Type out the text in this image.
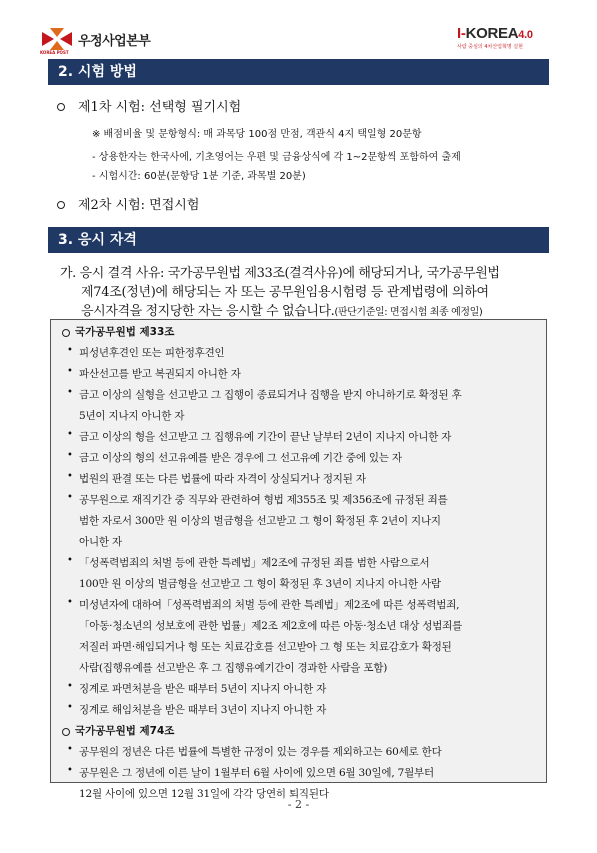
우정사업본부
KOREA POST
I-KOREA4.0
사람 중심의 4차산업혁명 실현
2. 시험 방법
제1차 시험: 선택형 필기시험
※ 배점비율 및 문항형식: 매 과목당 100점 만점, 객관식 4지 택일형 20문항
- 상용한자는 한국사에, 기초영어는 우편 및 금융상식에 각 1~2문항씩 포함하여 출제
- 시험시간: 60분(문항당 1분 기준, 과목별 20분)
제2차 시험: 면접시험
3. 응시 자격
가. 응시 결격 사유: 국가공무원법 제33조(결격사유)에 해당되거나, 국가공무원법
제74조(정년)에 해당되는 자 또는 공무원임용시험령 등 관계법령에 의하여
응시자격을 정지당한 자는 응시할 수 없습니다.(판단기준일: 면접시험 최종 예정일)
국가공무원법 제33조
• 피성년후견인 또는 피한정후견인
• 파산선고를 받고 복권되지 아니한 자
• 금고 이상의 실형을 선고받고 그 집행이 종료되거나 집행을 받지 아니하기로 확정된 후
5년이 지나지 아니한 자
• 금고 이상의 형을 선고받고 그 집행유예 기간이 끝난 날부터 2년이 지나지 아니한 자
• 금고 이상의 형의 선고유예를 받은 경우에 그 선고유예 기간 중에 있는 자
• 법원의 판결 또는 다른 법률에 따라 자격이 상실되거나 정지된 자
• 공무원으로 재직기간 중 직무와 관련하여 형법 제355조 및 제356조에 규정된 죄를
범한 자로서 300만 원 이상의 벌금형을 선고받고 그 형이 확정된 후 2년이 지나지
아니한 자
• 「성폭력범죄의 처벌 등에 관한 특례법」제2조에 규정된 죄를 범한 사람으로서
100만 원 이상의 벌금형을 선고받고 그 형이 확정된 후 3년이 지나지 아니한 사람
• 미성년자에 대하여「성폭력범죄의 처벌 등에 관한 특례법」제2조에 따른 성폭력범죄,
「아동·청소년의 성보호에 관한 법률」제2조 제2호에 따른 아동·청소년 대상 성범죄를
저질러 파면·해임되거나 형 또는 치료감호를 선고받아 그 형 또는 치료감호가 확정된
사람(집행유예를 선고받은 후 그 집행유예기간이 경과한 사람을 포함)
• 징계로 파면처분을 받은 때부터 5년이 지나지 아니한 자
• 징계로 해임처분을 받은 때부터 3년이 지나지 아니한 자
국가공무원법 제74조
• 공무원의 정년은 다른 법률에 특별한 규정이 있는 경우를 제외하고는 60세로 한다
• 공무원은 그 정년에 이른 날이 1월부터 6월 사이에 있으면 6월 30일에, 7월부터
12월 사이에 있으면 12월 31일에 각각 당연히 퇴직된다
- 2 -
